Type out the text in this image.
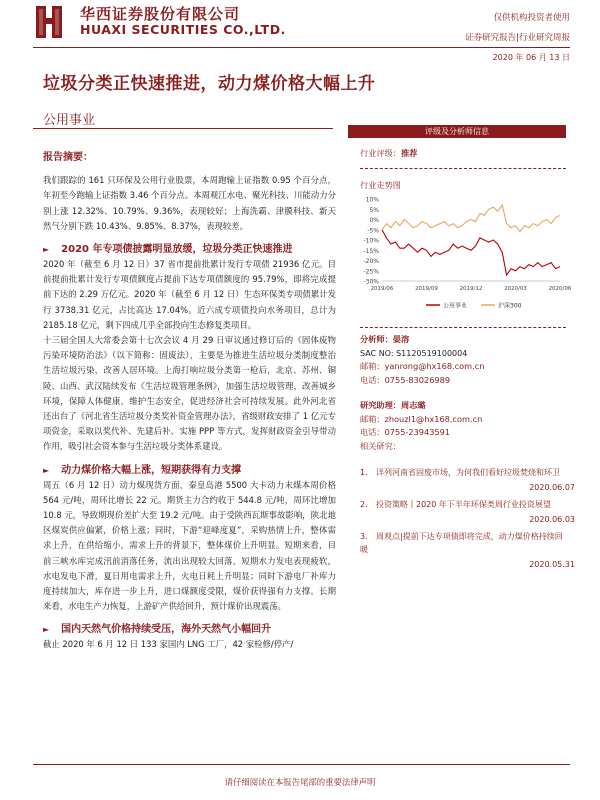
华西证券股份有限公司
HUAXI SECURITIES CO.,LTD.
仅供机构投资者使用
证券研究报告|行业研究周报
2020 年 06 月 13 日
垃圾分类正快速推进，动力煤价格大幅上升
公用事业
报告摘要：
我们跟踪的 161 只环保及公用行业股票，本周跑输上证指数 0.95 个百分点，年初至今跑输上证指数 3.46 个百分点。本周观江水电、聚光科技、川能动力分别上涨 12.32%、10.79%、9.36%，表现较好；上海洗霸、津膜科技、新天然气分别下跌 10.43%、9.85%、8.37%，表现较差。
► 2020 年专项债披露明显放缓，垃圾分类正快速推进
2020 年（截至 6 月 12 日）37 省市提前批累计发行专项债 21936 亿元。目前提前批累计发行专项债额度占提前下达专项债额度的 95.79%，即将完成提前下达的 2.29 万亿元。2020 年（截至 6 月 12 日）生态环保类专项债累计发行 3738.31 亿元，占比高达 17.04%。近六成专项债投向水务项目，总计为 2185.18 亿元，剩下四成几乎全部投向生态修复类项目。
十三届全国人大常委会第十七次会议 4 月 29 日审议通过修订后的《固体废物污染环境防治法》（以下简称：固废法），主要是为推进生活垃圾分类制度整治生活垃圾污染，改善人居环境。上海打响垃圾分类第一枪后，北京、苏州、铜陵、山西、武汉陆续发布《生活垃圾管理条例》，加强生活垃圾管理，改善城乡环境，保障人体健康，维护生态安全，促进经济社会可持续发展。此外河北省还出台了《河北省生活垃圾分类奖补资金管理办法》，省级财政安排了 1 亿元专项资金，采取以奖代补、先建后补、实施 PPP 等方式，发挥财政资金引导带动作用，吸引社会资本参与生活垃圾分类体系建设。
► 动力煤价格大幅上涨，短期获得有力支撑
周五（6 月 12 日）动力煤现货方面，秦皇岛港 5500 大卡动力末煤本周价格 564 元/吨，周环比增长 22 元。期货主力合约收于 544.8 元/吨，周环比增加 10.8 元，导致期现价差扩大至 19.2 元/吨。由于受陕西瓦斯事故影响，陕北地区煤炭供应偏紧，价格上涨；同时，下游“迎峰度夏”，采购热情上升，整体需求上升，在供给缩小，需求上升的背景下，整体煤价上升明显。短期来看，目前三峡水库完成汛前消落任务，流出出现较大回落，短期水力发电表现疲软，水电发电下滑，夏日用电需求上升，火电日耗上升明显；同时下游电厂补库力度持续加大，库存进一步上升，进口煤额度受限，煤价获得强有力支撑。长期来看，水电生产力恢复，上游矿产供给回升，预计煤价出现震荡。
► 国内天然气价格持续受压，海外天然气小幅回升
截止 2020 年 6 月 12 日 133 家国内 LNG 工厂，42 家检修/停产/
评级及分析师信息
行业评级：推荐
行业走势图
10%
5%
0%
-5%
-10%
-15%
-20%
-25%
-30%
2019/06	2019/09	2019/12	2020/03	2020/06
公用事业	沪深300
分析师：晏溶
SAC NO: S1120519100004
邮箱：yanrong@hx168.com.cn
电话：0755-83026989
研究助理：周志璐
邮箱：zhouzl1@hx168.com.cn
电话：0755-23943591
相关研究：
1. 详列河南省固废市场，为何我们看好垃圾焚烧和环卫
2020.06.07
2. 投资策略丨2020 年下半年环保类周行业投资展望
2020.06.03
3. 周观点|提前下达专项债即将完成，动力煤价格持续回暖
2020.05.31
请仔细阅读在本报告尾部的重要法律声明
